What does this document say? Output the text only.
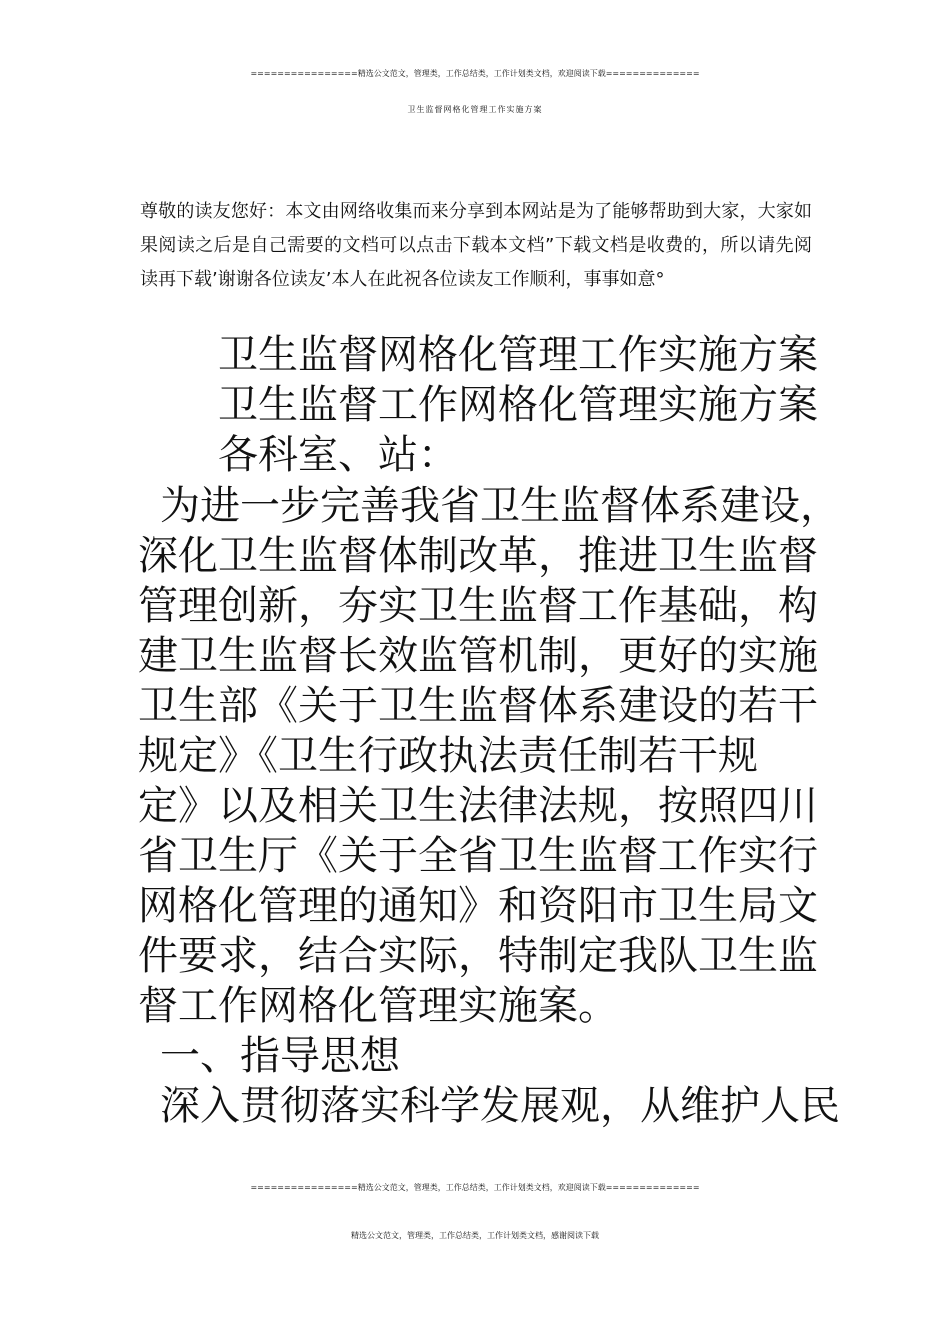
================精选公文范文，管理类，工作总结类，工作计划类文档，欢迎阅读下载==============
卫生监督网格化管理工作实施方案
尊敬的读友您好：本文由网络收集而来分享到本网站是为了能够帮助到大家，大家如果阅读之后是自己需要的文档可以点击下载本文档”下载文档是收费的，所以请先阅读再下载’谢谢各位读友’本人在此祝各位读友工作顺利，事事如意°
卫生监督网格化管理工作实施方案
卫生监督工作网格化管理实施方案
各科室、站：
为进一步完善我省卫生监督体系建设，
深化卫生监督体制改革，推进卫生监督
管理创新，夯实卫生监督工作基础，构
建卫生监督长效监管机制，更好的实施
卫生部《关于卫生监督体系建设的若干
规定》《卫生行政执法责任制若干规
定》以及相关卫生法律法规，按照四川
省卫生厅《关于全省卫生监督工作实行
网格化管理的通知》和资阳市卫生局文
件要求，结合实际，特制定我队卫生监
督工作网格化管理实施案。
一、指导思想
深入贯彻落实科学发展观，从维护人民
================精选公文范文，管理类，工作总结类，工作计划类文档，欢迎阅读下载==============
精选公文范文，管理类，工作总结类，工作计划类文档，感谢阅读下载
